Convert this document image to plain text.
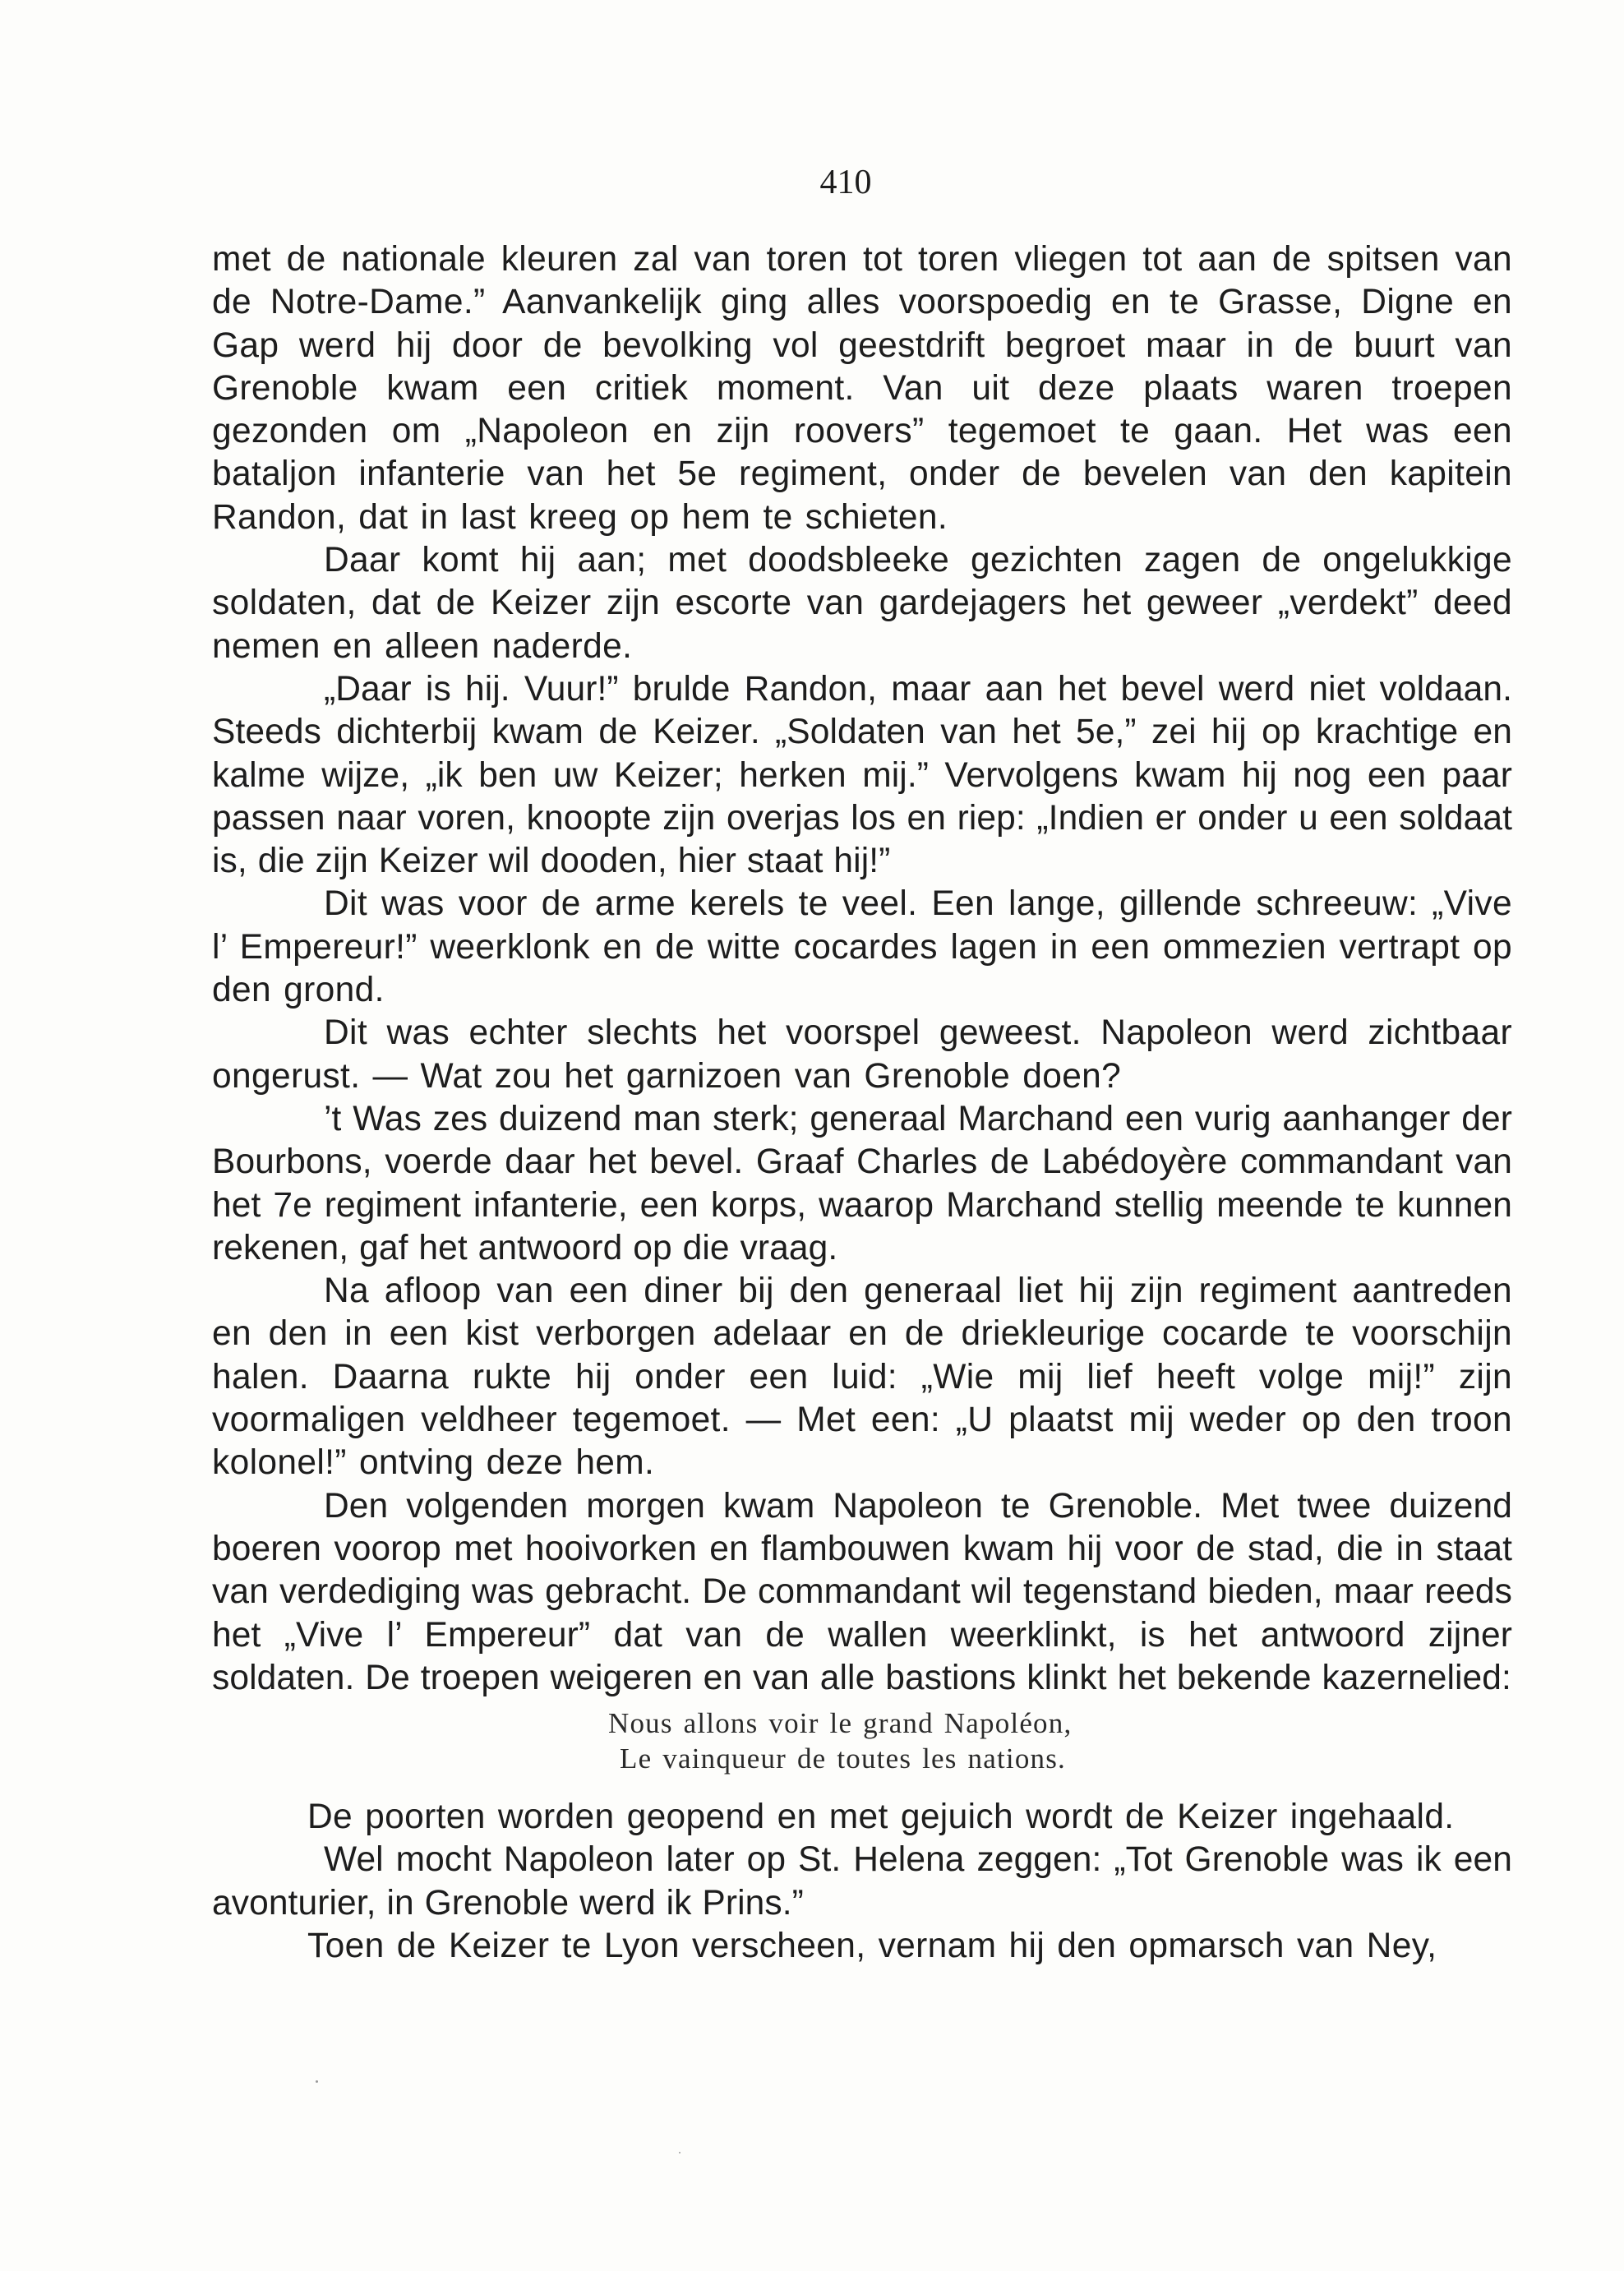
410

met de nationale kleuren zal van toren tot toren vliegen tot aan de spitsen van de Notre-Dame.” Aanvankelijk ging alles voorspoedig en te Grasse, Digne en Gap werd hij door de bevolking vol geestdrift begroet maar in de buurt van Grenoble kwam een critiek moment. Van uit deze plaats waren troepen gezonden om „Napoleon en zijn roovers” tegemoet te gaan. Het was een bataljon infanterie van het 5e regiment, onder de bevelen van den kapitein Randon, dat in last kreeg op hem te schieten.

Daar komt hij aan; met doodsbleeke gezichten zagen de ongelukkige soldaten, dat de Keizer zijn escorte van gardejagers het geweer „verdekt” deed nemen en alleen naderde.

„Daar is hij. Vuur!” brulde Randon, maar aan het bevel werd niet voldaan. Steeds dichterbij kwam de Keizer. „Soldaten van het 5e,” zei hij op krachtige en kalme wijze, „ik ben uw Keizer; herken mij.” Vervolgens kwam hij nog een paar passen naar voren, knoopte zijn overjas los en riep: „Indien er onder u een soldaat is, die zijn Keizer wil dooden, hier staat hij!”

Dit was voor de arme kerels te veel. Een lange, gillende schreeuw: „Vive l’ Empereur!” weerklonk en de witte cocardes lagen in een ommezien vertrapt op den grond.

Dit was echter slechts het voorspel geweest. Napoleon werd zichtbaar ongerust. — Wat zou het garnizoen van Grenoble doen?

’t Was zes duizend man sterk; generaal Marchand een vurig aanhanger der Bourbons, voerde daar het bevel. Graaf Charles de Labédoyère commandant van het 7e regiment infanterie, een korps, waarop Marchand stellig meende te kunnen rekenen, gaf het antwoord op die vraag.

Na afloop van een diner bij den generaal liet hij zijn regiment aantreden en den in een kist verborgen adelaar en de driekleurige cocarde te voorschijn halen. Daarna rukte hij onder een luid: „Wie mij lief heeft volge mij!” zijn voormaligen veldheer tegemoet. — Met een: „U plaatst mij weder op den troon kolonel!” ontving deze hem.

Den volgenden morgen kwam Napoleon te Grenoble. Met twee duizend boeren voorop met hooivorken en flambouwen kwam hij voor de stad, die in staat van verdediging was gebracht. De commandant wil tegenstand bieden, maar reeds het „Vive l’ Empereur” dat van de wallen weerklinkt, is het antwoord zijner soldaten. De troepen weigeren en van alle bastions klinkt het bekende kazernelied:

Nous allons voir le grand Napoléon,
Le vainqueur de toutes les nations.

De poorten worden geopend en met gejuich wordt de Keizer ingehaald.

Wel mocht Napoleon later op St. Helena zeggen: „Tot Grenoble was ik een avonturier, in Grenoble werd ik Prins.”

Toen de Keizer te Lyon verscheen, vernam hij den opmarsch van Ney,
